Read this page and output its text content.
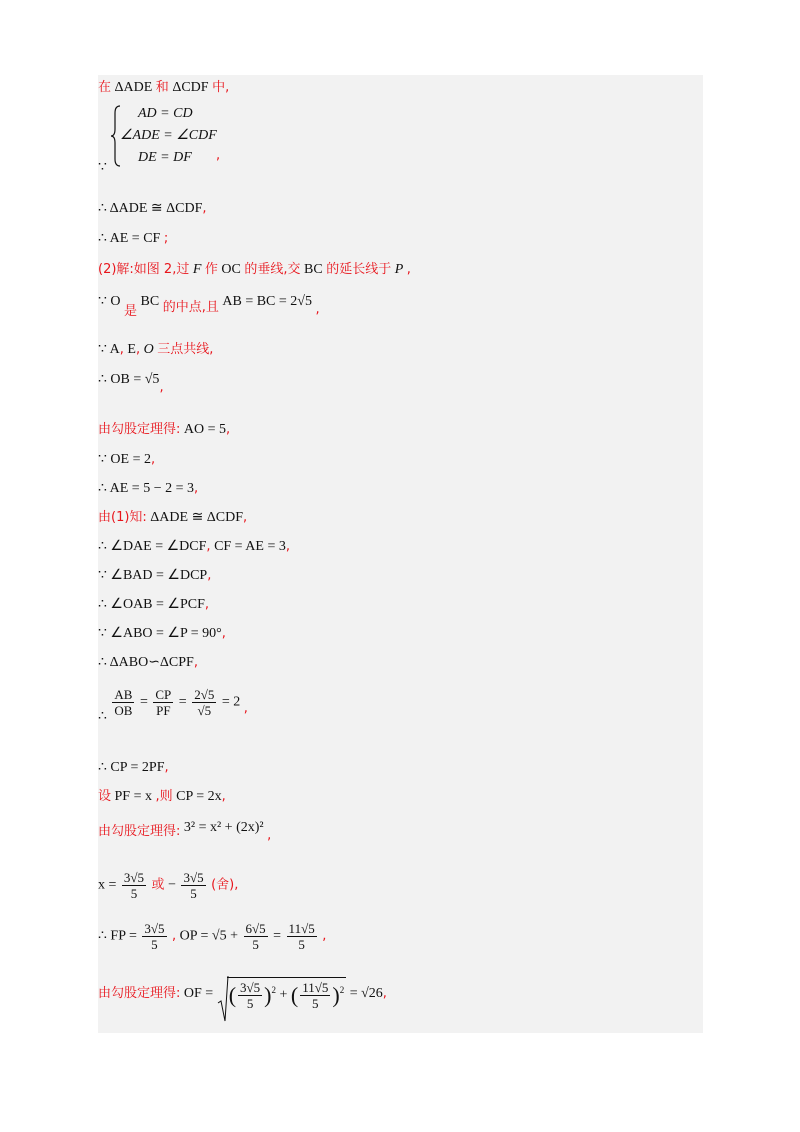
在 ΔADE 和 ΔCDF 中,
AD = CD
∠ADE = ∠CDF
DE = DF
∵
,
∴ ΔADE ≅ ΔCDF,
∴ AE = CF ;
(2)解:如图 2,过 F 作 OC 的垂线,交 BC 的延长线于 P ,
∵ O 是 BC 的中点,且 AB = BC = 2√5 ,
∵ A, E, O 三点共线,
∴ OB = √5,
由勾股定理得: AO = 5,
∵ OE = 2,
∴ AE = 5 − 2 = 3,
由(1)知: ΔADE ≅ ΔCDF,
∴ ∠DAE = ∠DCF, CF = AE = 3,
∵ ∠BAD = ∠DCP,
∴ ∠OAB = ∠PCF,
∵ ∠ABO = ∠P = 90°,
∴ ΔABO∽ΔCPF,
∴ $\frac{AB}{OB} = \frac{CP}{PF} = \frac{2√5}{√5} = 2$ ,
∴ CP = 2PF,
设 PF = x ,则 CP = 2x,
由勾股定理得: 3² = x² + (2x)² ,
$x = \frac{3√5}{5}$ 或 − $\frac{3√5}{5}$ (舍),
∴ FP = $\frac{3√5}{5}$ , OP = $√5 + \frac{6√5}{5} = \frac{11√5}{5}$ ,
由勾股定理得: OF = ( $\frac{3√5}{5} )^2$ + ( $\frac{11√5}{5} )^2 = √26$,
